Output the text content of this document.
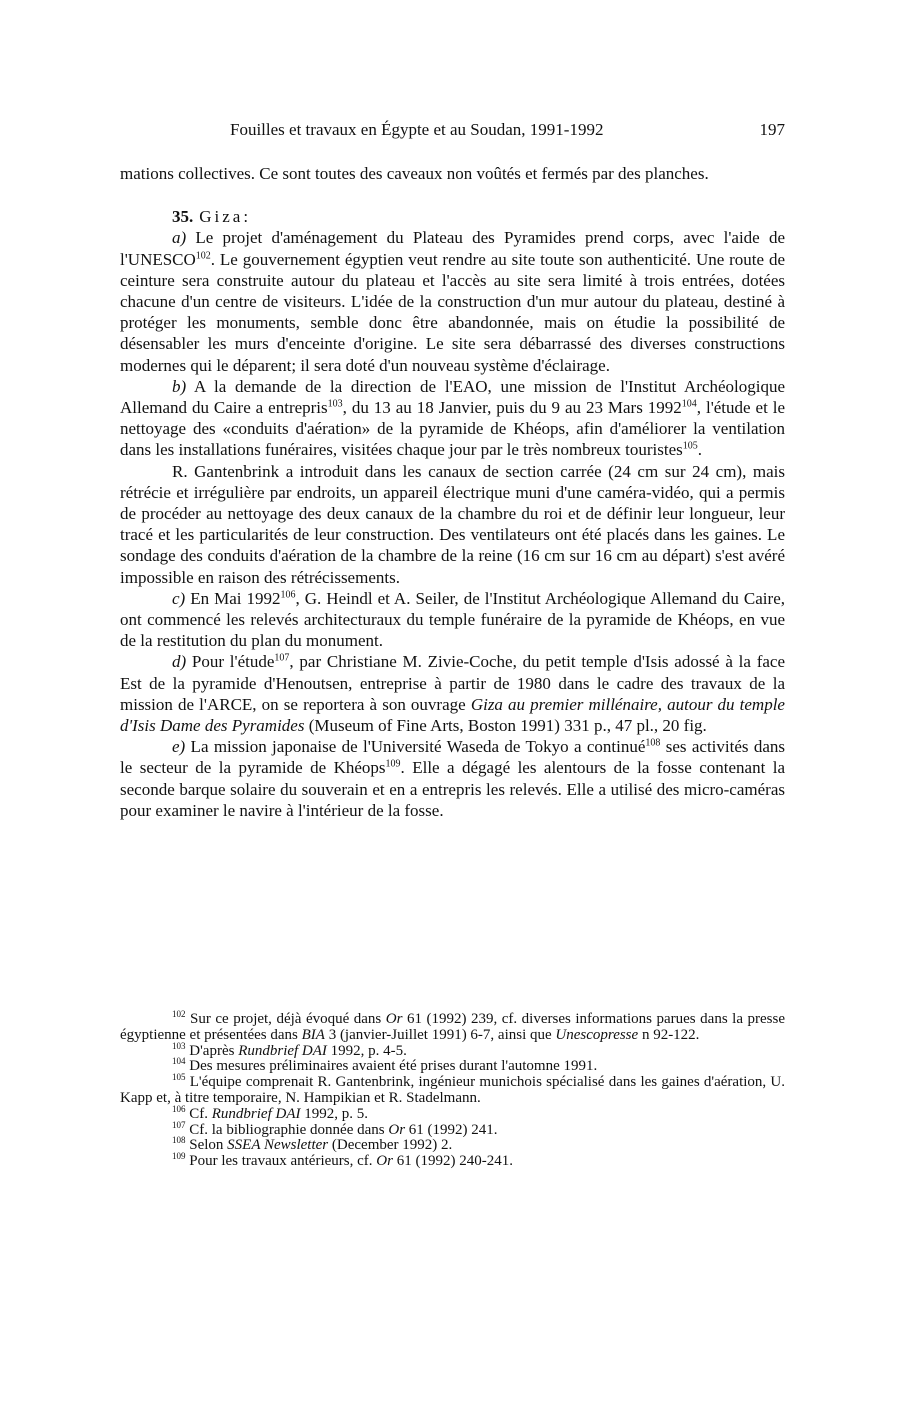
Fouilles et travaux en Égypte et au Soudan, 1991-1992	197

mations collectives. Ce sont toutes des caveaux non voûtés et fermés par des planches.

35. Giza:

a) Le projet d'aménagement du Plateau des Pyramides prend corps, avec l'aide de l'UNESCO$^{102}$. Le gouvernement égyptien veut rendre au site toute son authenticité. Une route de ceinture sera construite autour du plateau et l'accès au site sera limité à trois entrées, dotées chacune d'un centre de visiteurs. L'idée de la construction d'un mur autour du plateau, destiné à protéger les monuments, semble donc être abandonnée, mais on étudie la possibilité de désensabler les murs d'enceinte d'origine. Le site sera débarrassé des diverses constructions modernes qui le déparent; il sera doté d'un nouveau système d'éclairage.

b) A la demande de la direction de l'EAO, une mission de l'Institut Archéologique Allemand du Caire a entrepris$^{103}$, du 13 au 18 Janvier, puis du 9 au 23 Mars 1992$^{104}$, l'étude et le nettoyage des «conduits d'aération» de la pyramide de Khéops, afin d'améliorer la ventilation dans les installations funéraires, visitées chaque jour par le très nombreux touristes$^{105}$.

R. Gantenbrink a introduit dans les canaux de section carrée (24 cm sur 24 cm), mais rétrécie et irrégulière par endroits, un appareil électrique muni d'une caméra-vidéo, qui a permis de procéder au nettoyage des deux canaux de la chambre du roi et de définir leur longueur, leur tracé et les particularités de leur construction. Des ventilateurs ont été placés dans les gaines. Le sondage des conduits d'aération de la chambre de la reine (16 cm sur 16 cm au départ) s'est avéré impossible en raison des rétrécissements.

c) En Mai 1992$^{106}$, G. Heindl et A. Seiler, de l'Institut Archéologique Allemand du Caire, ont commencé les relevés architecturaux du temple funéraire de la pyramide de Khéops, en vue de la restitution du plan du monument.

d) Pour l'étude$^{107}$, par Christiane M. Zivie-Coche, du petit temple d'Isis adossé à la face Est de la pyramide d'Henoutsen, entreprise à partir de 1980 dans le cadre des travaux de la mission de l'ARCE, on se reportera à son ouvrage Giza au premier millénaire, autour du temple d'Isis Dame des Pyramides (Museum of Fine Arts, Boston 1991) 331 p., 47 pl., 20 fig.

e) La mission japonaise de l'Université Waseda de Tokyo a continué$^{108}$ ses activités dans le secteur de la pyramide de Khéops$^{109}$. Elle a dégagé les alentours de la fosse contenant la seconde barque solaire du souverain et en a entrepris les relevés. Elle a utilisé des micro-caméras pour examiner le navire à l'intérieur de la fosse.

$^{102}$ Sur ce projet, déjà évoqué dans Or 61 (1992) 239, cf. diverses informations parues dans la presse égyptienne et présentées dans BIA 3 (janvier-Juillet 1991) 6-7, ainsi que Unescopresse n 92-122.

$^{103}$ D'après Rundbrief DAI 1992, p. 4-5.

$^{104}$ Des mesures préliminaires avaient été prises durant l'automne 1991.

$^{105}$ L'équipe comprenait R. Gantenbrink, ingénieur munichois spécialisé dans les gaines d'aération, U. Kapp et, à titre temporaire, N. Hampikian et R. Stadelmann.

$^{106}$ Cf. Rundbrief DAI 1992, p. 5.

$^{107}$ Cf. la bibliographie donnée dans Or 61 (1992) 241.

$^{108}$ Selon SSEA Newsletter (December 1992) 2.

$^{109}$ Pour les travaux antérieurs, cf. Or 61 (1992) 240-241.
